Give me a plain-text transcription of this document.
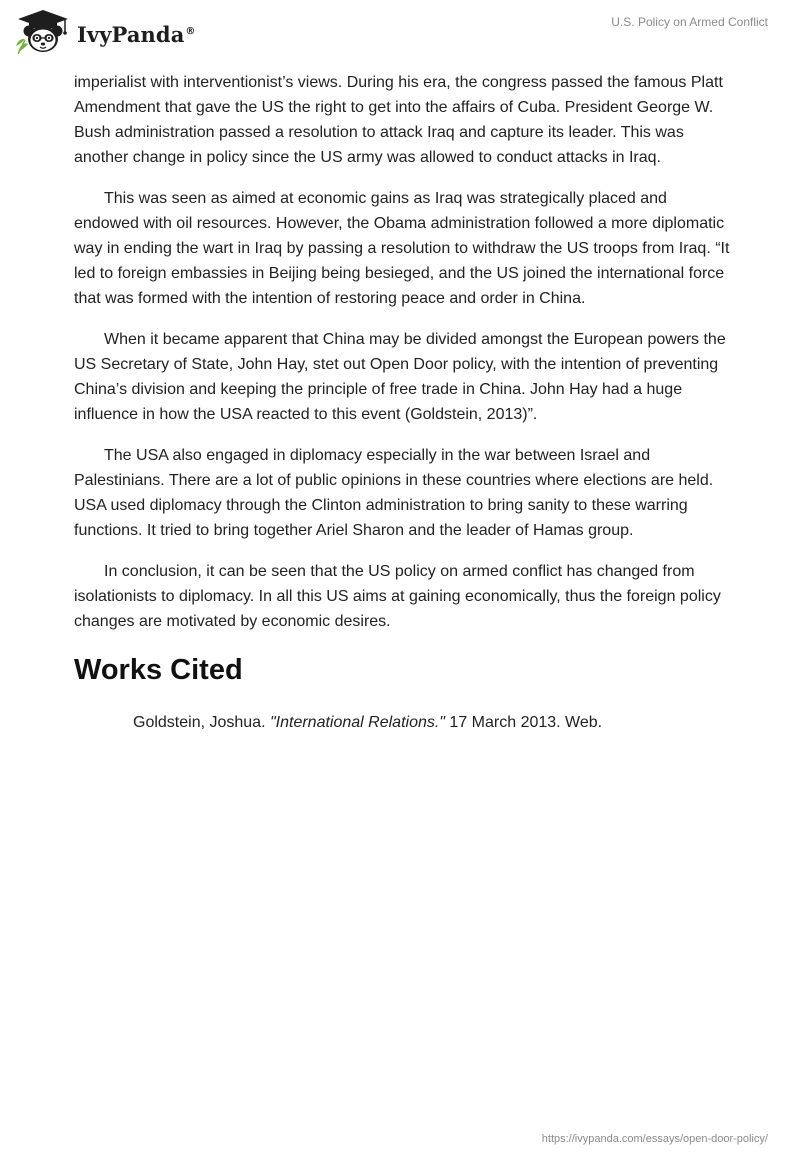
IvyPanda®
U.S. Policy on Armed Conflict

imperialist with interventionist’s views. During his era, the congress passed the famous Platt Amendment that gave the US the right to get into the affairs of Cuba. President George W. Bush administration passed a resolution to attack Iraq and capture its leader. This was another change in policy since the US army was allowed to conduct attacks in Iraq.

This was seen as aimed at economic gains as Iraq was strategically placed and endowed with oil resources. However, the Obama administration followed a more diplomatic way in ending the wart in Iraq by passing a resolution to withdraw the US troops from Iraq. “It led to foreign embassies in Beijing being besieged, and the US joined the international force that was formed with the intention of restoring peace and order in China.

When it became apparent that China may be divided amongst the European powers the US Secretary of State, John Hay, stet out Open Door policy, with the intention of preventing China’s division and keeping the principle of free trade in China. John Hay had a huge influence in how the USA reacted to this event (Goldstein, 2013)”.

The USA also engaged in diplomacy especially in the war between Israel and Palestinians. There are a lot of public opinions in these countries where elections are held. USA used diplomacy through the Clinton administration to bring sanity to these warring functions. It tried to bring together Ariel Sharon and the leader of Hamas group.

In conclusion, it can be seen that the US policy on armed conflict has changed from isolationists to diplomacy. In all this US aims at gaining economically, thus the foreign policy changes are motivated by economic desires.

Works Cited

Goldstein, Joshua. "International Relations." 17 March 2013. Web.

https://ivypanda.com/essays/open-door-policy/
